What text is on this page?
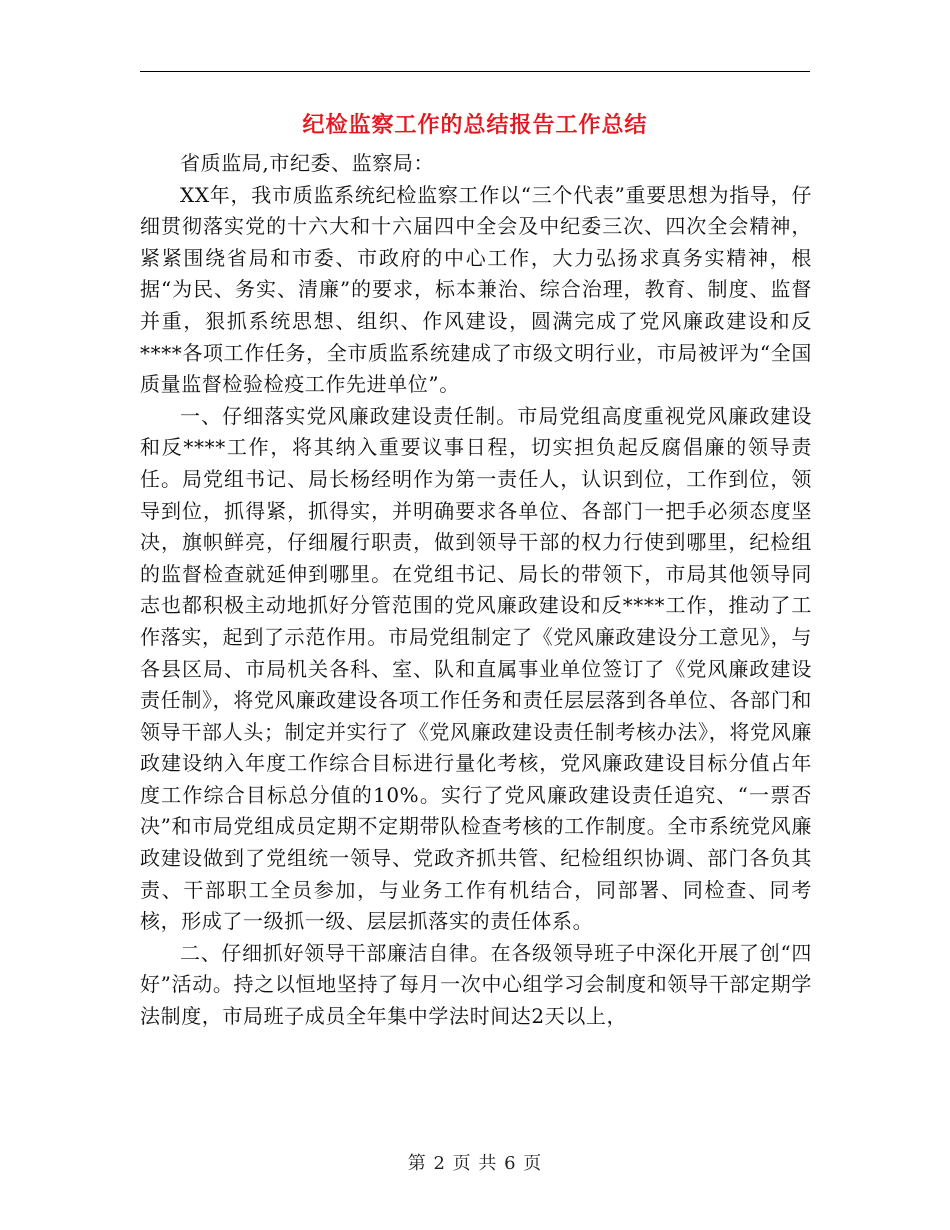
纪检监察工作的总结报告工作总结

省质监局,市纪委、监察局：

XX年，我市质监系统纪检监察工作以“三个代表”重要思想为指导，仔细贯彻落实党的十六大和十六届四中全会及中纪委三次、四次全会精神，紧紧围绕省局和市委、市政府的中心工作，大力弘扬求真务实精神，根据“为民、务实、清廉”的要求，标本兼治、综合治理，教育、制度、监督并重，狠抓系统思想、组织、作风建设，圆满完成了党风廉政建设和反****各项工作任务，全市质监系统建成了市级文明行业，市局被评为“全国质量监督检验检疫工作先进单位”。

一、仔细落实党风廉政建设责任制。市局党组高度重视党风廉政建设和反****工作，将其纳入重要议事日程，切实担负起反腐倡廉的领导责任。局党组书记、局长杨经明作为第一责任人，认识到位，工作到位，领导到位，抓得紧，抓得实，并明确要求各单位、各部门一把手必须态度坚决，旗帜鲜亮，仔细履行职责，做到领导干部的权力行使到哪里，纪检组的监督检查就延伸到哪里。在党组书记、局长的带领下，市局其他领导同志也都积极主动地抓好分管范围的党风廉政建设和反****工作，推动了工作落实，起到了示范作用。市局党组制定了《党风廉政建设分工意见》，与各县区局、市局机关各科、室、队和直属事业单位签订了《党风廉政建设责任制》，将党风廉政建设各项工作任务和责任层层落到各单位、各部门和领导干部人头；制定并实行了《党风廉政建设责任制考核办法》，将党风廉政建设纳入年度工作综合目标进行量化考核，党风廉政建设目标分值占年度工作综合目标总分值的10%。实行了党风廉政建设责任追究、“一票否决”和市局党组成员定期不定期带队检查考核的工作制度。全市系统党风廉政建设做到了党组统一领导、党政齐抓共管、纪检组织协调、部门各负其责、干部职工全员参加，与业务工作有机结合，同部署、同检查、同考核，形成了一级抓一级、层层抓落实的责任体系。

二、仔细抓好领导干部廉洁自律。在各级领导班子中深化开展了创“四好”活动。持之以恒地坚持了每月一次中心组学习会制度和领导干部定期学法制度，市局班子成员全年集中学法时间达2天以上，

第 2 页 共 6 页
